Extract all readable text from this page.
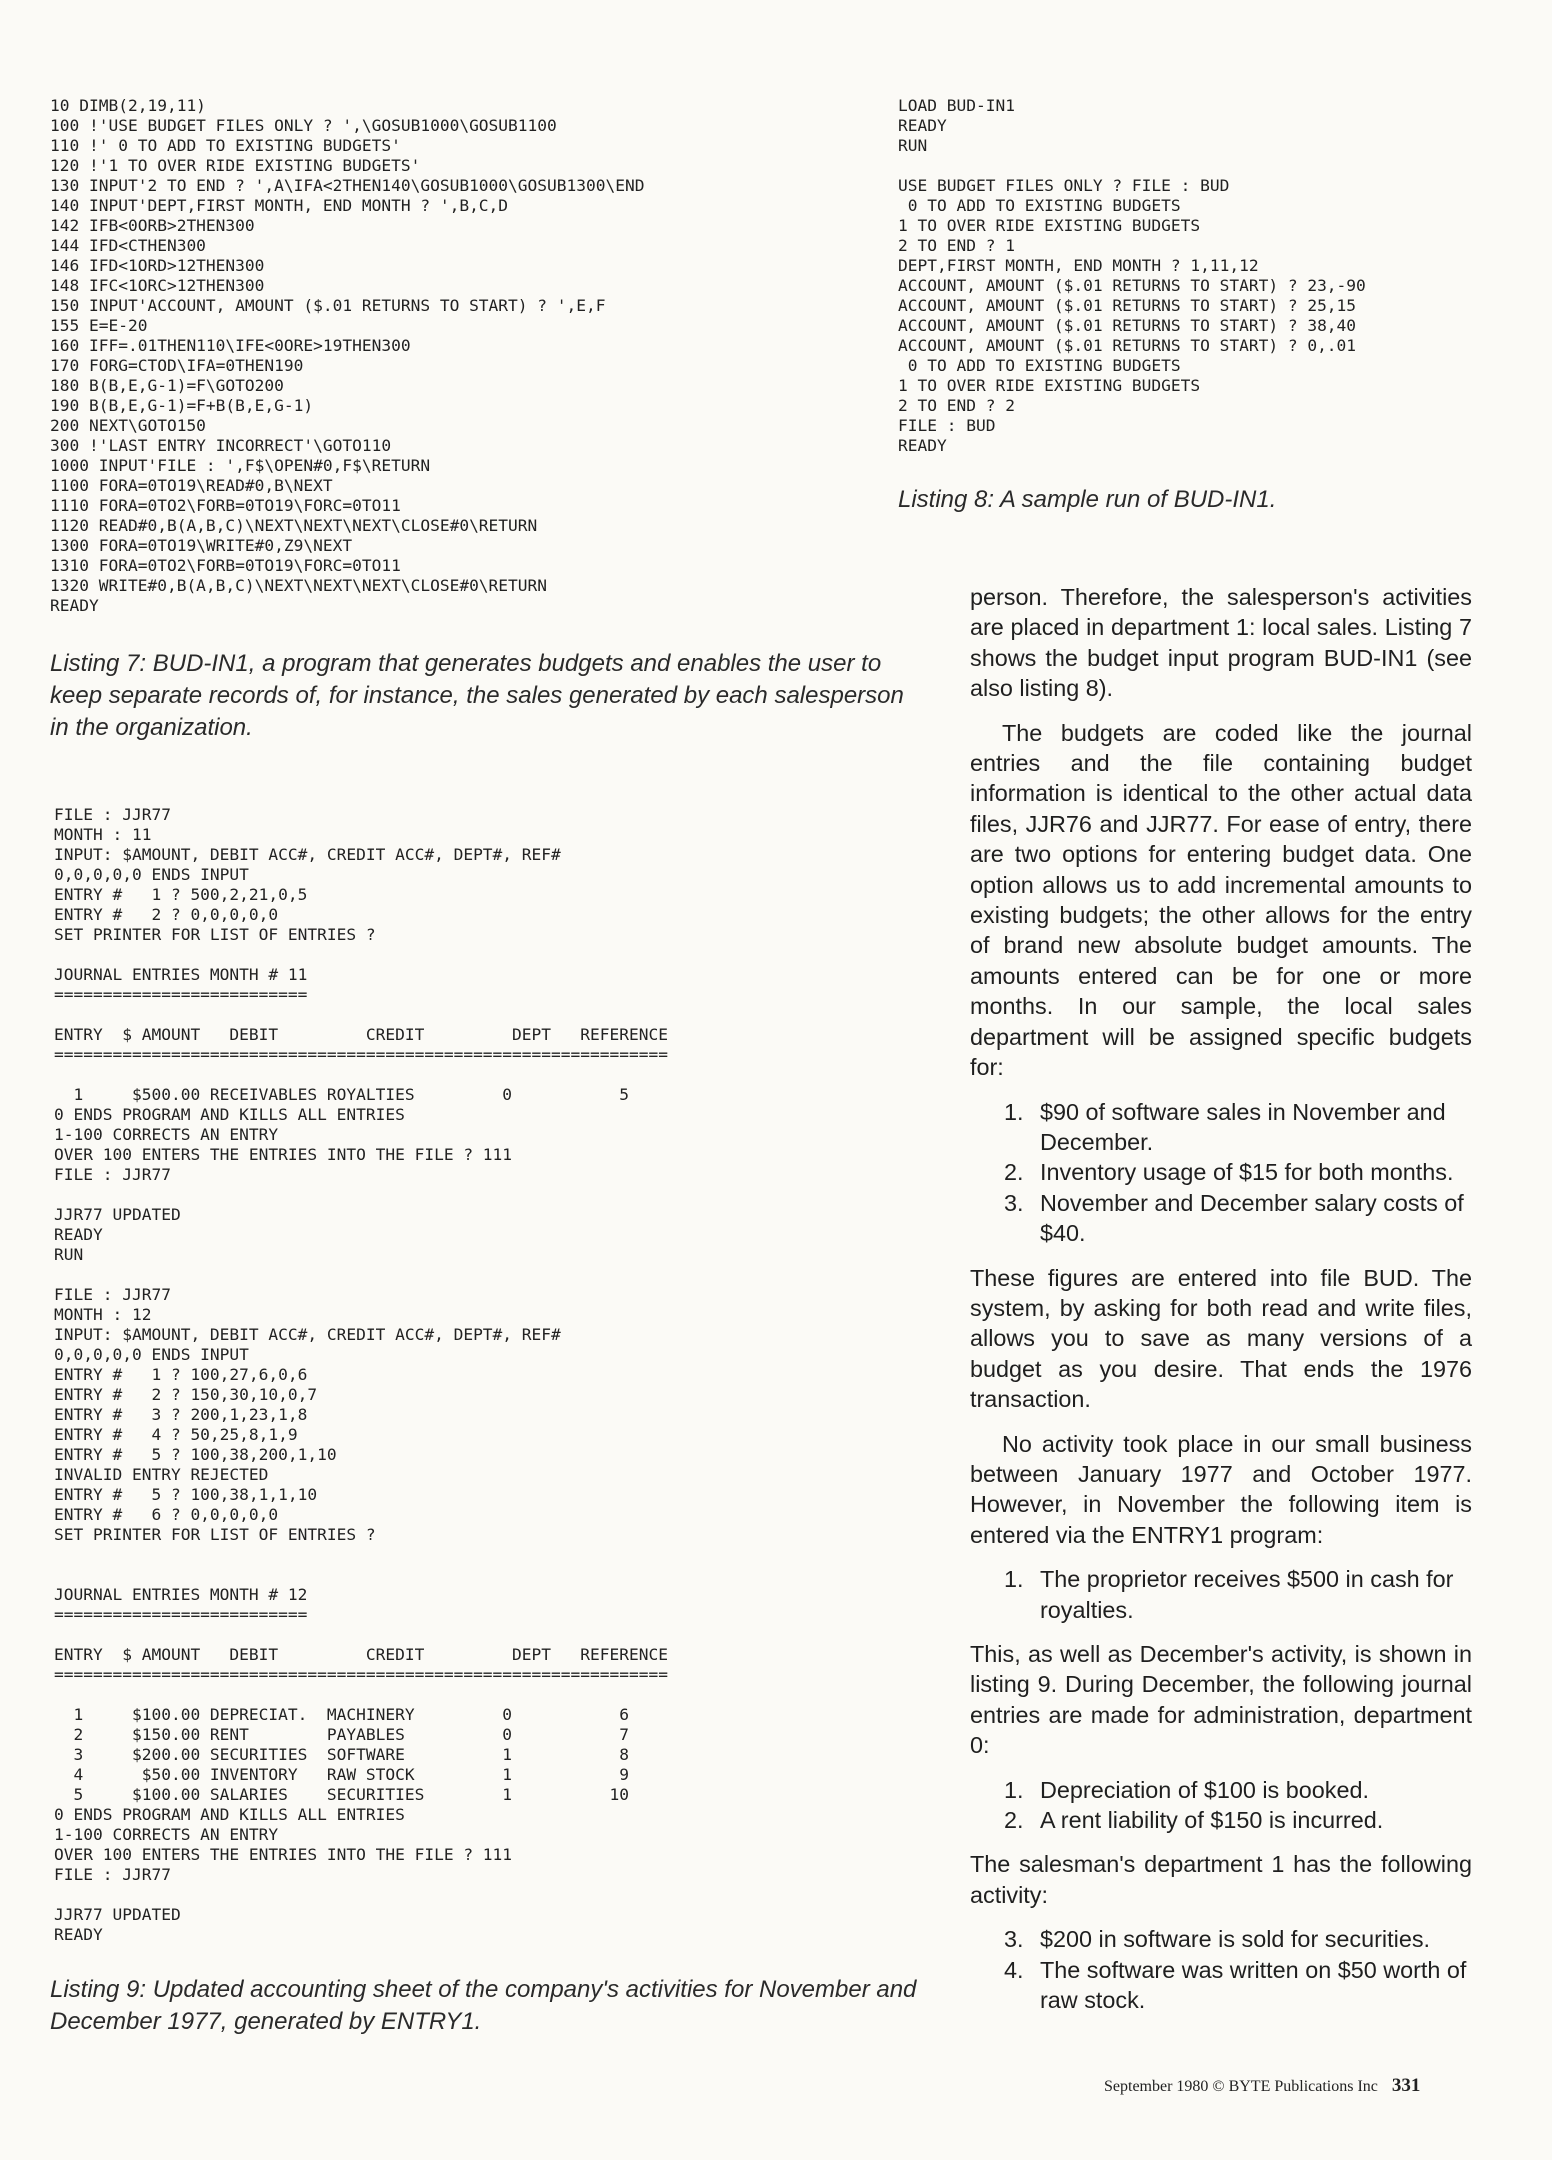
10 DIMB(2,19,11)
100 !'USE BUDGET FILES ONLY ? ',\GOSUB1000\GOSUB1100
110 !' 0 TO ADD TO EXISTING BUDGETS'
120 !'1 TO OVER RIDE EXISTING BUDGETS'
130 INPUT'2 TO END ? ',A\IFA<2THEN140\GOSUB1000\GOSUB1300\END
140 INPUT'DEPT,FIRST MONTH, END MONTH ? ',B,C,D
142 IFB<0ORB>2THEN300
144 IFD<CTHEN300
146 IFD<1ORD>12THEN300
148 IFC<1ORC>12THEN300
150 INPUT'ACCOUNT, AMOUNT ($.01 RETURNS TO START) ? ',E,F
155 E=E-20
160 IFF=.01THEN110\IFE<0ORE>19THEN300
170 FORG=CTOD\IFA=0THEN190
180 B(B,E,G-1)=F\GOTO200
190 B(B,E,G-1)=F+B(B,E,G-1)
200 NEXT\GOTO150
300 !'LAST ENTRY INCORRECT'\GOTO110
1000 INPUT'FILE : ',F$\OPEN#0,F$\RETURN
1100 FORA=0TO19\READ#0,B\NEXT
1110 FORA=0TO2\FORB=0TO19\FORC=0TO11
1120 READ#0,B(A,B,C)\NEXT\NEXT\NEXT\CLOSE#0\RETURN
1300 FORA=0TO19\WRITE#0,Z9\NEXT
1310 FORA=0TO2\FORB=0TO19\FORC=0TO11
1320 WRITE#0,B(A,B,C)\NEXT\NEXT\NEXT\CLOSE#0\RETURN
READY
Listing 7: BUD-IN1, a program that generates budgets and enables the user to keep separate records of, for instance, the sales generated by each salesperson in the organization.
LOAD BUD-IN1
READY
RUN

USE BUDGET FILES ONLY ? FILE : BUD
0 TO ADD TO EXISTING BUDGETS
1 TO OVER RIDE EXISTING BUDGETS
2 TO END ? 1
DEPT,FIRST MONTH, END MONTH ? 1,11,12
ACCOUNT, AMOUNT ($.01 RETURNS TO START) ? 23,-90
ACCOUNT, AMOUNT ($.01 RETURNS TO START) ? 25,15
ACCOUNT, AMOUNT ($.01 RETURNS TO START) ? 38,40
ACCOUNT, AMOUNT ($.01 RETURNS TO START) ? 0,.01
0 TO ADD TO EXISTING BUDGETS
1 TO OVER RIDE EXISTING BUDGETS
2 TO END ? 2
FILE : BUD
READY
Listing 8: A sample run of BUD-IN1.
FILE : JJR77
MONTH : 11
INPUT: $AMOUNT, DEBIT ACC#, CREDIT ACC#, DEPT#, REF#
0,0,0,0,0 ENDS INPUT
ENTRY #   1 ? 500,2,21,0,5
ENTRY #   2 ? 0,0,0,0,0
SET PRINTER FOR LIST OF ENTRIES ?

JOURNAL ENTRIES MONTH # 11
==========================

ENTRY  $ AMOUNT   DEBIT         CREDIT         DEPT   REFERENCE
===============================================================

1     $500.00 RECEIVABLES ROYALTIES         0           5
0 ENDS PROGRAM AND KILLS ALL ENTRIES
1-100 CORRECTS AN ENTRY
OVER 100 ENTERS THE ENTRIES INTO THE FILE ? 111
FILE : JJR77

JJR77 UPDATED
READY
RUN

FILE : JJR77
MONTH : 12
INPUT: $AMOUNT, DEBIT ACC#, CREDIT ACC#, DEPT#, REF#
0,0,0,0,0 ENDS INPUT
ENTRY #   1 ? 100,27,6,0,6
ENTRY #   2 ? 150,30,10,0,7
ENTRY #   3 ? 200,1,23,1,8
ENTRY #   4 ? 50,25,8,1,9
ENTRY #   5 ? 100,38,200,1,10
INVALID ENTRY REJECTED
ENTRY #   5 ? 100,38,1,1,10
ENTRY #   6 ? 0,0,0,0,0
SET PRINTER FOR LIST OF ENTRIES ?

JOURNAL ENTRIES MONTH # 12
==========================

ENTRY  $ AMOUNT   DEBIT         CREDIT         DEPT   REFERENCE
===============================================================

1     $100.00 DEPRECIAT.  MACHINERY         0           6
2     $150.00 RENT        PAYABLES          0           7
3     $200.00 SECURITIES  SOFTWARE          1           8
4      $50.00 INVENTORY   RAW STOCK         1           9
5     $100.00 SALARIES    SECURITIES        1          10
0 ENDS PROGRAM AND KILLS ALL ENTRIES
1-100 CORRECTS AN ENTRY
OVER 100 ENTERS THE ENTRIES INTO THE FILE ? 111
FILE : JJR77

JJR77 UPDATED
READY
Listing 9: Updated accounting sheet of the company's activities for November and December 1977, generated by ENTRY1.

person. Therefore, the salesperson's activities are placed in department 1: local sales. Listing 7 shows the budget input program BUD-IN1 (see also listing 8).

The budgets are coded like the journal entries and the file containing budget information is identical to the other actual data files, JJR76 and JJR77. For ease of entry, there are two options for entering budget data. One option allows us to add incremental amounts to existing budgets; the other allows for the entry of brand new absolute budget amounts. The amounts entered can be for one or more months. In our sample, the local sales department will be assigned specific budgets for:

1. $90 of software sales in November and December.
2. Inventory usage of $15 for both months.
3. November and December salary costs of $40.

These figures are entered into file BUD. The system, by asking for both read and write files, allows you to save as many versions of a budget as you desire. That ends the 1976 transaction.

No activity took place in our small business between January 1977 and October 1977. However, in November the following item is entered via the ENTRY1 program:

1. The proprietor receives $500 in cash for royalties.

This, as well as December's activity, is shown in listing 9. During December, the following journal entries are made for administration, department 0:

1. Depreciation of $100 is booked.
2. A rent liability of $150 is incurred.

The salesman's department 1 has the following activity:

3. $200 in software is sold for securities.
4. The software was written on $50 worth of raw stock.
September 1980 © BYTE Publications Inc 331
